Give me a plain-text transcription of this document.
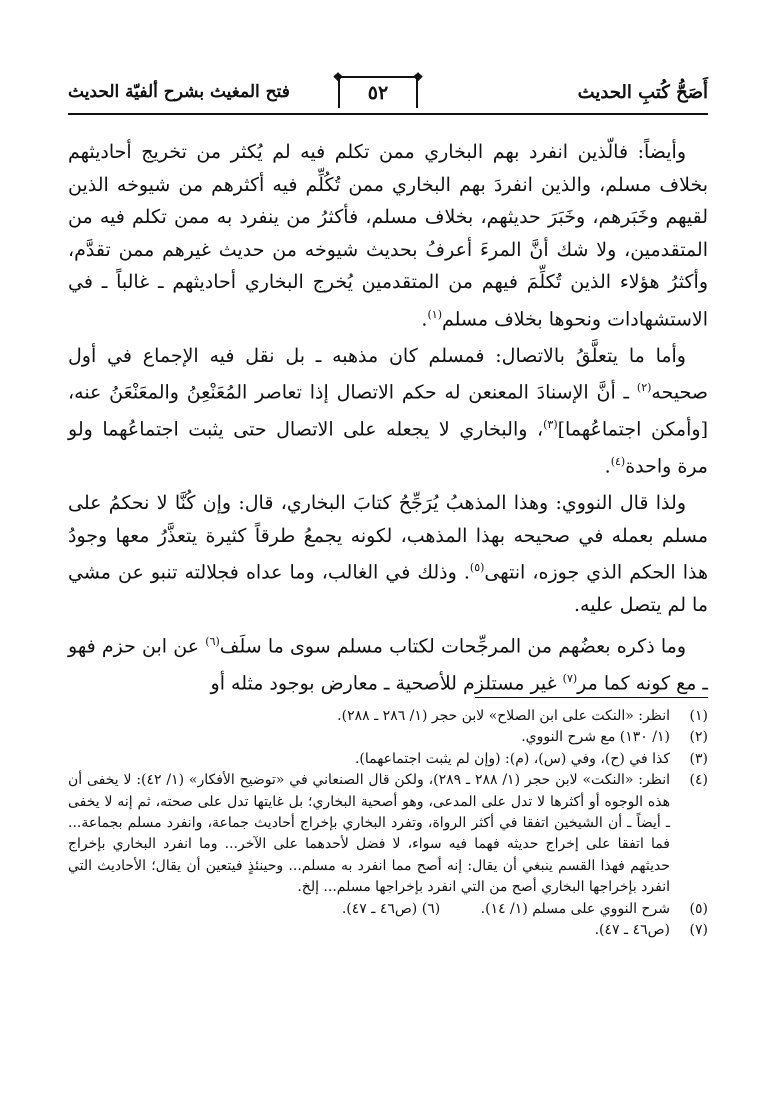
أَصَحُّ كُتبِ الحديث
❖
٥٢
❖
فتح المغيث بشرح ألفيّة الحديث

وأيضاً: فالّذين انفرد بهم البخاري ممن تكلم فيه لم يُكثر من تخريج أحاديثهم بخلاف مسلم، والذين انفردَ بهم البخاري ممن تُكُلِّم فيه أكثرهم من شيوخه الذين لقيهم وخَبَرهم، وخَبَرَ حديثهم، بخلاف مسلم، فأكثرُ من ينفرد به ممن تكلم فيه من المتقدمين، ولا شك أنَّ المرءَ أعرفُ بحديث شيوخه من حديث غيرهم ممن تقدَّم، وأكثرُ هؤلاء الذين تُكلِّمَ فيهم من المتقدمين يُخرج البخاري أحاديثهم ـ غالباً ـ في الاستشهادات ونحوها بخلاف مسلم$^{(١)}$.

وأما ما يتعلَّقُ بالاتصال: فمسلم كان مذهبه ـ بل نقل فيه الإجماع في أول صحيحه$^{(٢)}$ ـ أنَّ الإسنادَ المعنعن له حكم الاتصال إذا تعاصر المُعَنْعِنُ والمعَنْعَنُ عنه، [وأمكن اجتماعُهما]$^{(٣)}$، والبخاري لا يجعله على الاتصال حتى يثبت اجتماعُهما ولو مرة واحدة$^{(٤)}$.

ولذا قال النووي: وهذا المذهبُ يُرَجِّحُ كتابَ البخاري، قال: وإن كُنَّا لا نحكمُ على مسلم بعمله في صحيحه بهذا المذهب، لكونه يجمعُ طرقاً كثيرة يتعذَّرُ معها وجودُ هذا الحكم الذي جوزه، انتهى$^{(٥)}$. وذلك في الغالب، وما عداه فجلالته تنبو عن مشي ما لم يتصل عليه.

وما ذكره بعضُهم من المرجِّحات لكتاب مسلم سوى ما سلَف$^{(٦)}$ عن ابن حزم فهو ـ مع كونه كما مر$^{(٧)}$ غير مستلزم للأصحية ـ معارض بوجود مثله أو

(١)
انظر: «النكت على ابن الصلاح» لابن حجر (١/ ٢٨٦ ـ ٢٨٨).
(٢)
(١/ ١٣٠) مع شرح النووي.
(٣)
كذا في (ح)، وفي (س)، (م): (وإن لم يثبت اجتماعهما).
(٤)
انظر: «النكت» لابن حجر (١/ ٢٨٨ ـ ٢٨٩)، ولكن قال الصنعاني في «توضيح الأفكار» (١/ ٤٢): لا يخفى أن هذه الوجوه أو أكثرها لا تدل على المدعى، وهو أصحية البخاري؛ بل غايتها تدل على صحته، ثم إنه لا يخفى ـ أيضاً ـ أن الشيخين اتفقا في أكثر الرواة، وتفرد البخاري بإخراج أحاديث جماعة، وانفرد مسلم بجماعة... فما اتفقا على إخراج حديثه فهما فيه سواء، لا فضل لأحدهما على الآخر... وما انفرد البخاري بإخراج حديثهم فهذا القسم ينبغي أن يقال: إنه أصح مما انفرد به مسلم... وحينئذٍ فيتعين أن يقال؛ الأحاديث التي انفرد بإخراجها البخاري أصح من التي انفرد بإخراجها مسلم... إلخ.
(٥)
شرح النووي على مسلم (١/ ١٤). (٦) (ص٤٦ ـ ٤٧).
(٧)
(ص٤٦ ـ ٤٧).
